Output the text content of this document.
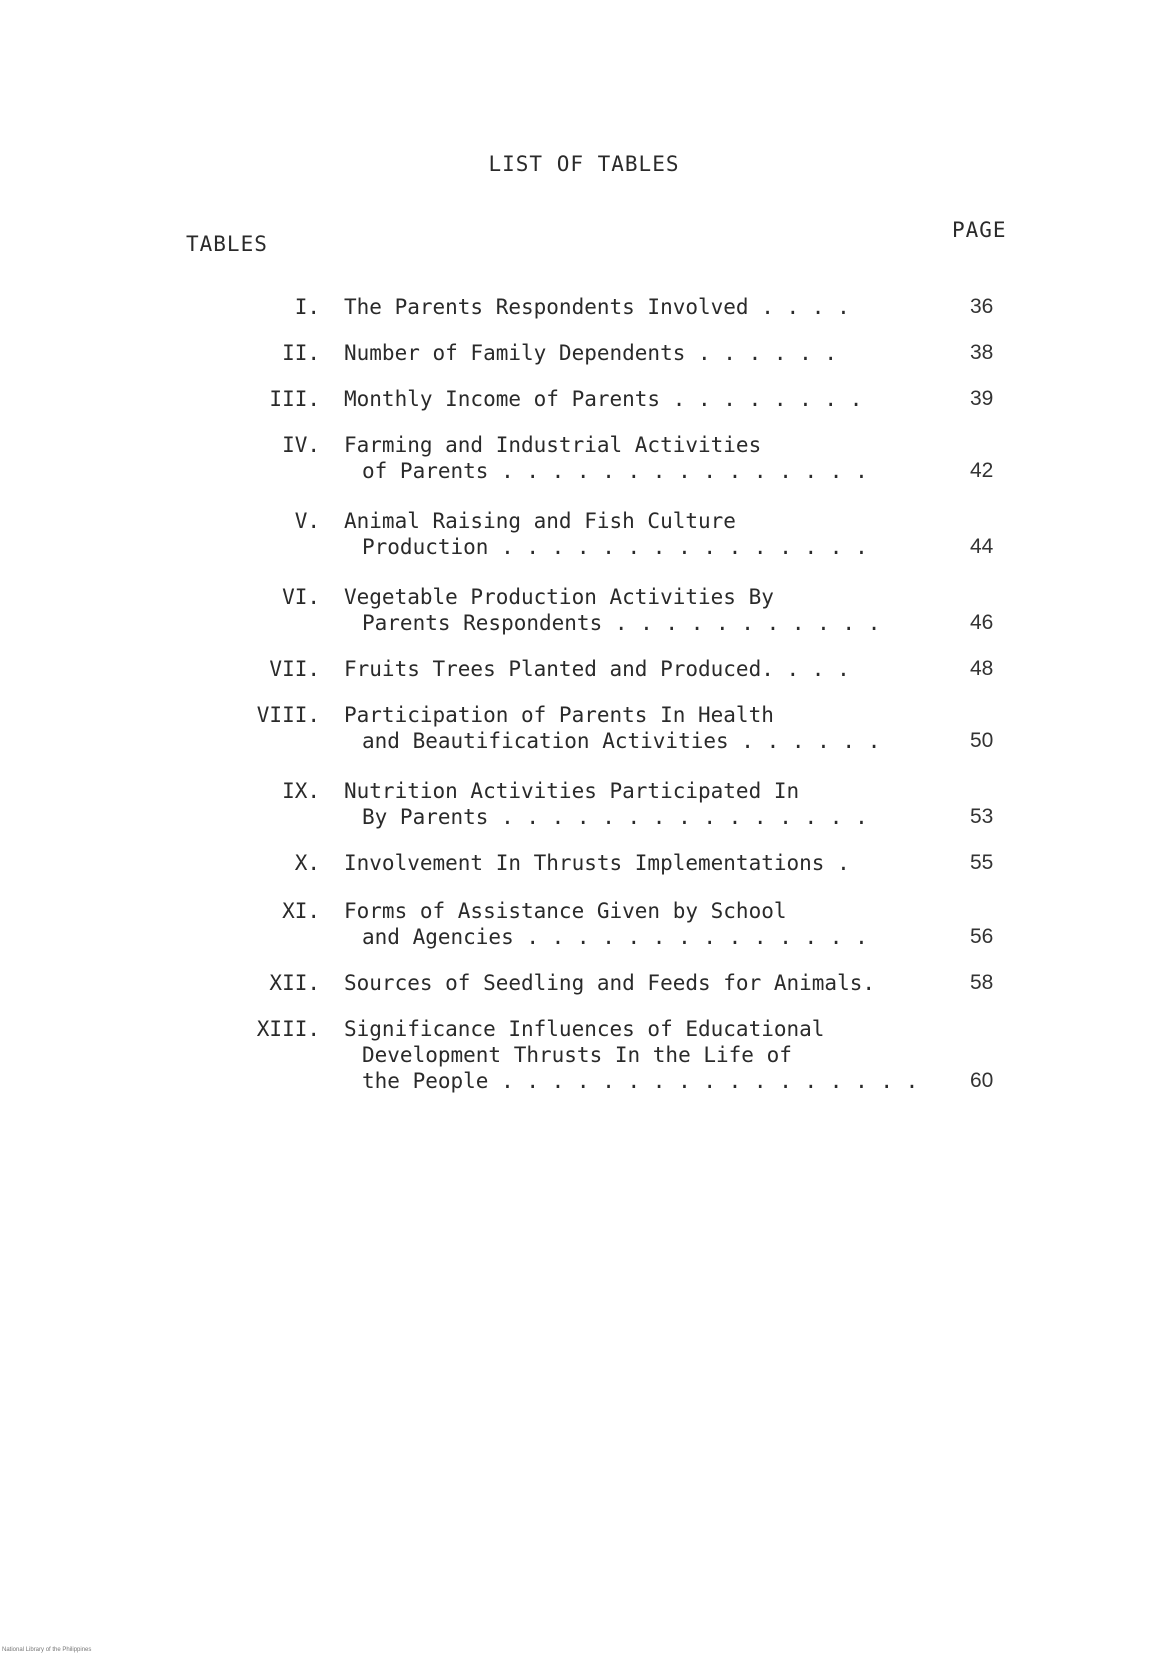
LIST OF TABLES
TABLES
PAGE
I. The Parents Respondents Involved . . . .	36
II. Number of Family Dependents . . . . . .	38
III. Monthly Income of Parents . . . . . . . .	39
IV. Farming and Industrial Activities
of Parents . . . . . . . . . . . . . . .	42
V. Animal Raising and Fish Culture
Production . . . . . . . . . . . . . . .	44
VI. Vegetable Production Activities By
Parents Respondents . . . . . . . . . . .	46
VII. Fruits Trees Planted and Produced. . . .	48
VIII. Participation of Parents In Health
and Beautification Activities . . . . . .	50
IX. Nutrition Activities Participated In
By Parents . . . . . . . . . . . . . . .	53
X. Involvement In Thrusts Implementations .	55
XI. Forms of Assistance Given by School
and Agencies . . . . . . . . . . . . . .	56
XII. Sources of Seedling and Feeds for Animals.	58
XIII. Significance Influences of Educational
Development Thrusts In the Life of
the People . . . . . . . . . . . . . . . . .	60
National Library of the Philippines
